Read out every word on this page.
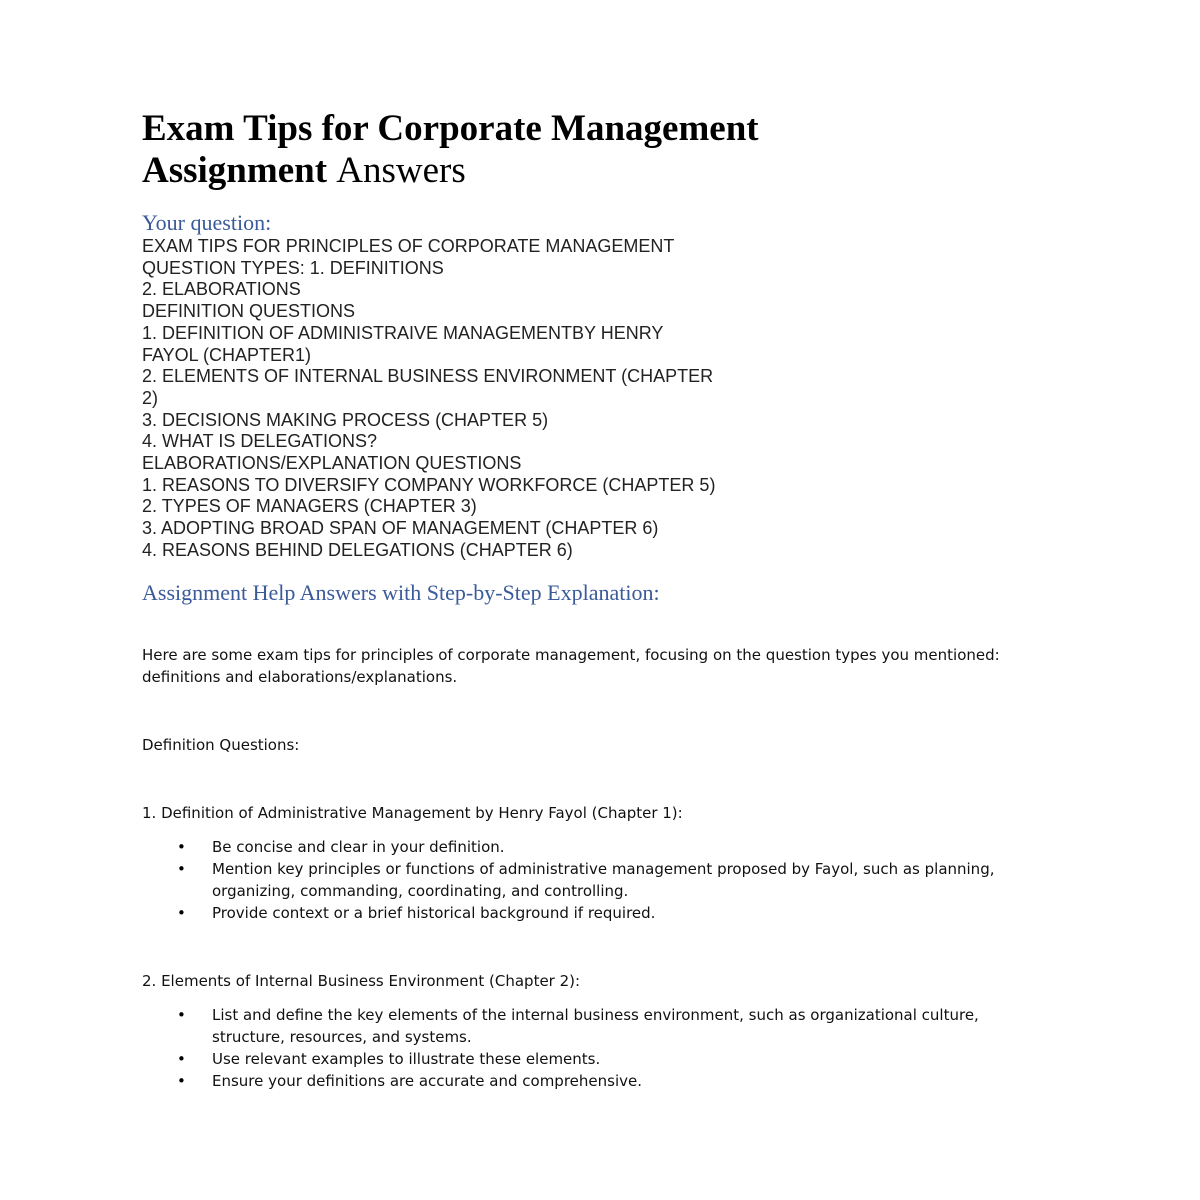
Exam Tips for Corporate Management Assignment Answers
Your question:
EXAM TIPS FOR PRINCIPLES OF CORPORATE MANAGEMENT
QUESTION TYPES: 1. DEFINITIONS
2. ELABORATIONS
DEFINITION QUESTIONS
1. DEFINITION OF ADMINISTRAIVE MANAGEMENTBY HENRY
FAYOL (CHAPTER1)
2. ELEMENTS OF INTERNAL BUSINESS ENVIRONMENT (CHAPTER
2)
3. DECISIONS MAKING PROCESS (CHAPTER 5)
4. WHAT IS DELEGATIONS?
ELABORATIONS/EXPLANATION QUESTIONS
1. REASONS TO DIVERSIFY COMPANY WORKFORCE (CHAPTER 5)
2. TYPES OF MANAGERS (CHAPTER 3)
3. ADOPTING BROAD SPAN OF MANAGEMENT (CHAPTER 6)
4. REASONS BEHIND DELEGATIONS (CHAPTER 6)
Assignment Help Answers with Step-by-Step Explanation:

Here are some exam tips for principles of corporate management, focusing on the question types you mentioned: definitions and elaborations/explanations.

Definition Questions:

1. Definition of Administrative Management by Henry Fayol (Chapter 1):

• Be concise and clear in your definition.
• Mention key principles or functions of administrative management proposed by Fayol, such as planning, organizing, commanding, coordinating, and controlling.
• Provide context or a brief historical background if required.

2. Elements of Internal Business Environment (Chapter 2):

• List and define the key elements of the internal business environment, such as organizational culture, structure, resources, and systems.
• Use relevant examples to illustrate these elements.
• Ensure your definitions are accurate and comprehensive.
